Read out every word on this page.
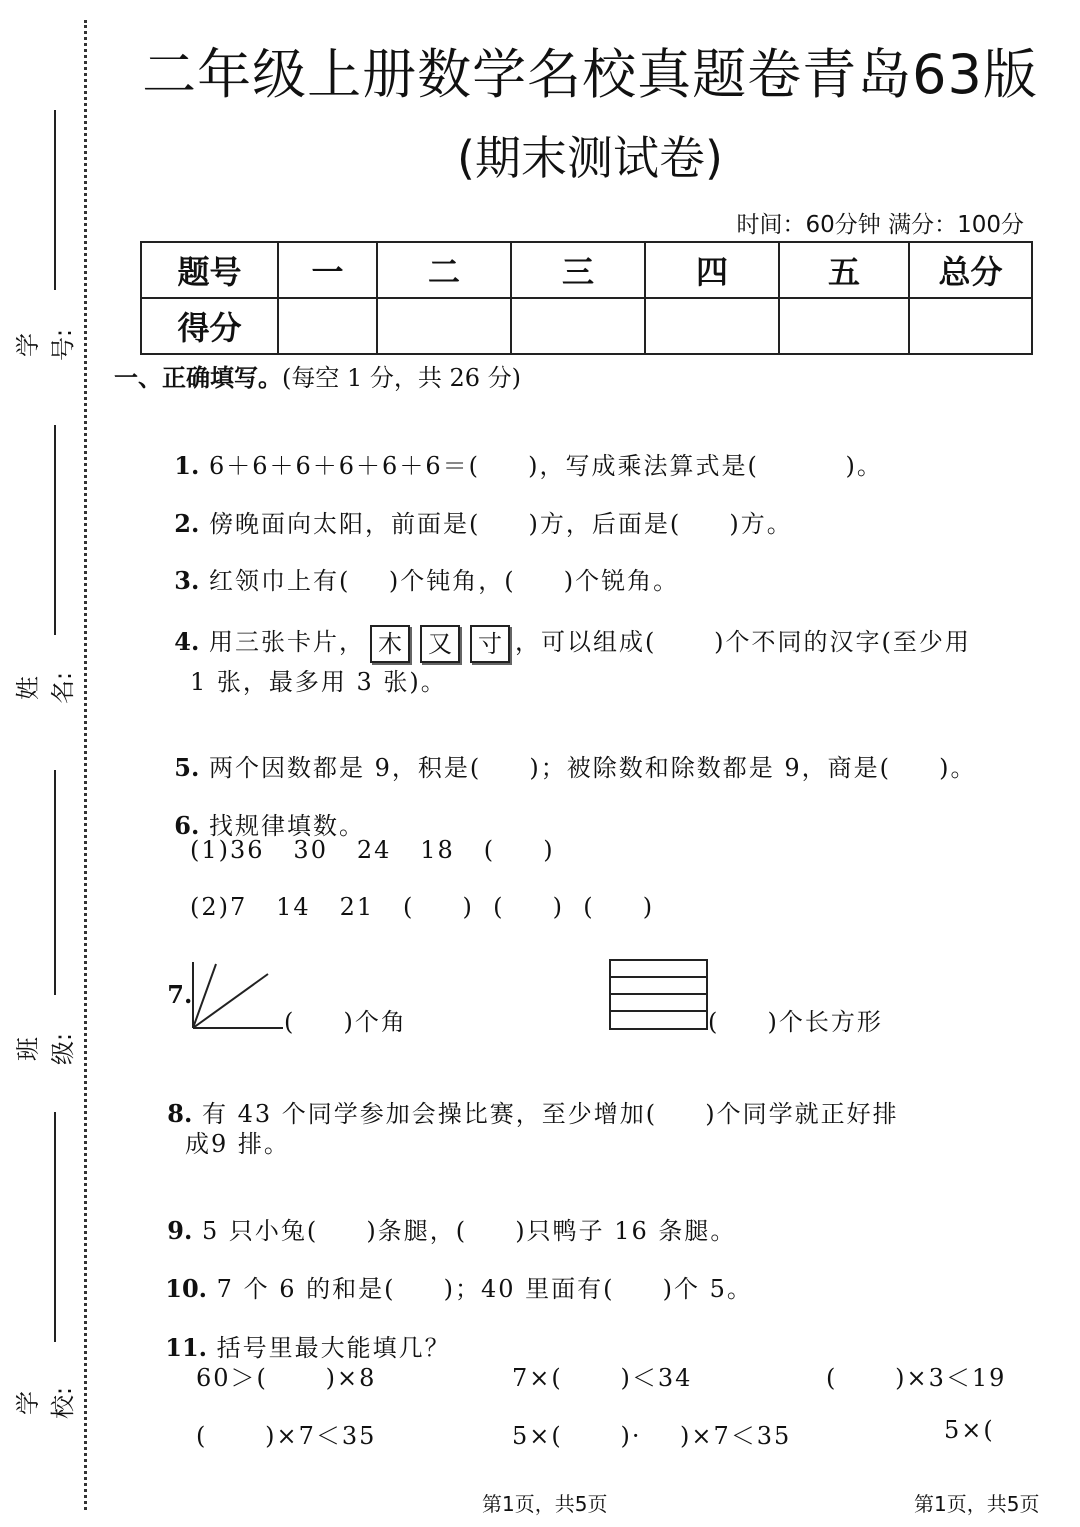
学号:
姓名:
班级:
学校:
二年级上册数学名校真题卷青岛63版
(期末测试卷)
时间：60分钟 满分：100分
题号	一	二	三	四	五	总分
得分						
一、正确填写。(每空 1 分，共 26 分)

1. 6＋6＋6＋6＋6＋6＝(     )，写成乘法算式是(         )。

2. 傍晚面向太阳，前面是(     )方，后面是(     )方。

3. 红领巾上有(    )个钝角，(     )个锐角。

4. 用三张卡片， 木 又 寸 ，可以组成(      )个不同的汉字(至少用

1 张，最多用 3 张)。

5. 两个因数都是 9，积是(     )；被除数和除数都是 9，商是(     )。

6. 找规律填数。

(1)36   30   24   18   (     )
(2)7   14   21   (     )  (     )  (     )

7.

(     )个角	(     )个长方形

8. 有 43 个同学参加会操比赛，至少增加(     )个同学就正好排

成9 排。

9. 5 只小兔(     )条腿，(     )只鸭子 16 条腿。

10. 7 个 6 的和是(     )；40 里面有(     )个 5。

11. 括号里最大能填几？

60＞(      )×8	7×(      )＜34	(      )×3＜19
(      )×7＜35	5×(      )·    )×7＜35	5×(
第1页，共5页	第1页，共5页
